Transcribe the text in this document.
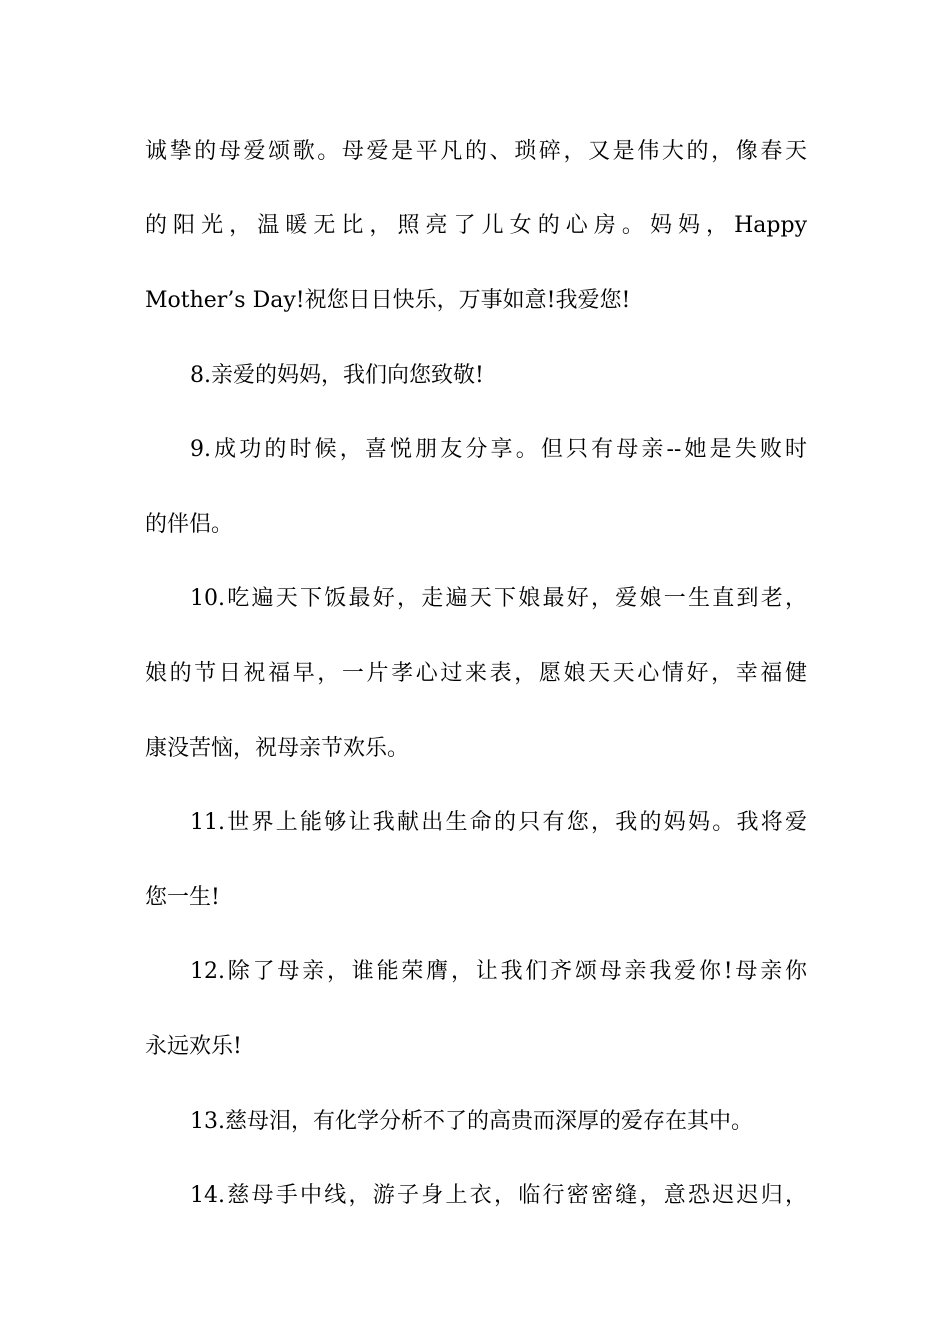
诚挚的母爱颂歌。母爱是平凡的、琐碎，又是伟大的，像春天
的阳光，温暖无比，照亮了儿女的心房。妈妈，Happy
Mother’s Day!祝您日日快乐，万事如意!我爱您!
8.亲爱的妈妈，我们向您致敬!
9.成功的时候，喜悦朋友分享。但只有母亲--她是失败时
的伴侣。
10.吃遍天下饭最好，走遍天下娘最好，爱娘一生直到老，
娘的节日祝福早，一片孝心过来表，愿娘天天心情好，幸福健
康没苦恼，祝母亲节欢乐。
11.世界上能够让我献出生命的只有您，我的妈妈。我将爱
您一生!
12.除了母亲，谁能荣膺，让我们齐颂母亲我爱你!母亲你
永远欢乐!
13.慈母泪，有化学分析不了的高贵而深厚的爱存在其中。
14.慈母手中线，游子身上衣，临行密密缝，意恐迟迟归，
